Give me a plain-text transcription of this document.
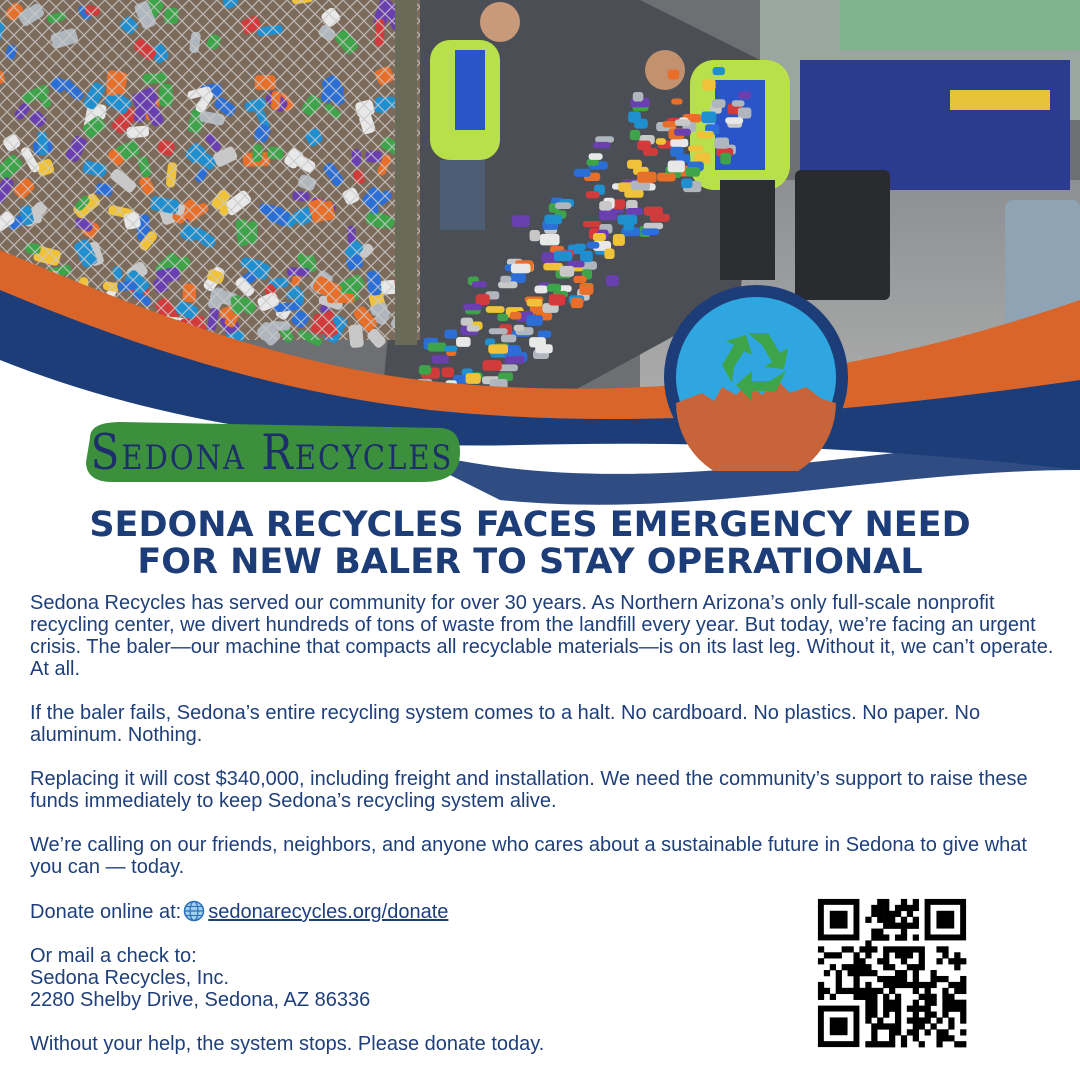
Sedona Recycles
SEDONA RECYCLES FACES EMERGENCY NEED
FOR NEW BALER TO STAY OPERATIONAL

Sedona Recycles has served our community for over 30 years. As Northern Arizona’s only full-scale nonprofit recycling center, we divert hundreds of tons of waste from the landfill every year. But today, we’re facing an urgent crisis. The baler—our machine that compacts all recyclable materials—is on its last leg. Without it, we can’t operate. At all.

If the baler fails, Sedona’s entire recycling system comes to a halt. No cardboard. No plastics. No paper. No aluminum. Nothing.

Replacing it will cost $340,000, including freight and installation. We need the community’s support to raise these funds immediately to keep Sedona’s recycling system alive.

We’re calling on our friends, neighbors, and anyone who cares about a sustainable future in Sedona to give what you can — today.

Donate online at: sedonarecycles.org/donate

Or mail a check to:
Sedona Recycles, Inc.
2280 Shelby Drive, Sedona, AZ 86336

Without your help, the system stops. Please donate today.
